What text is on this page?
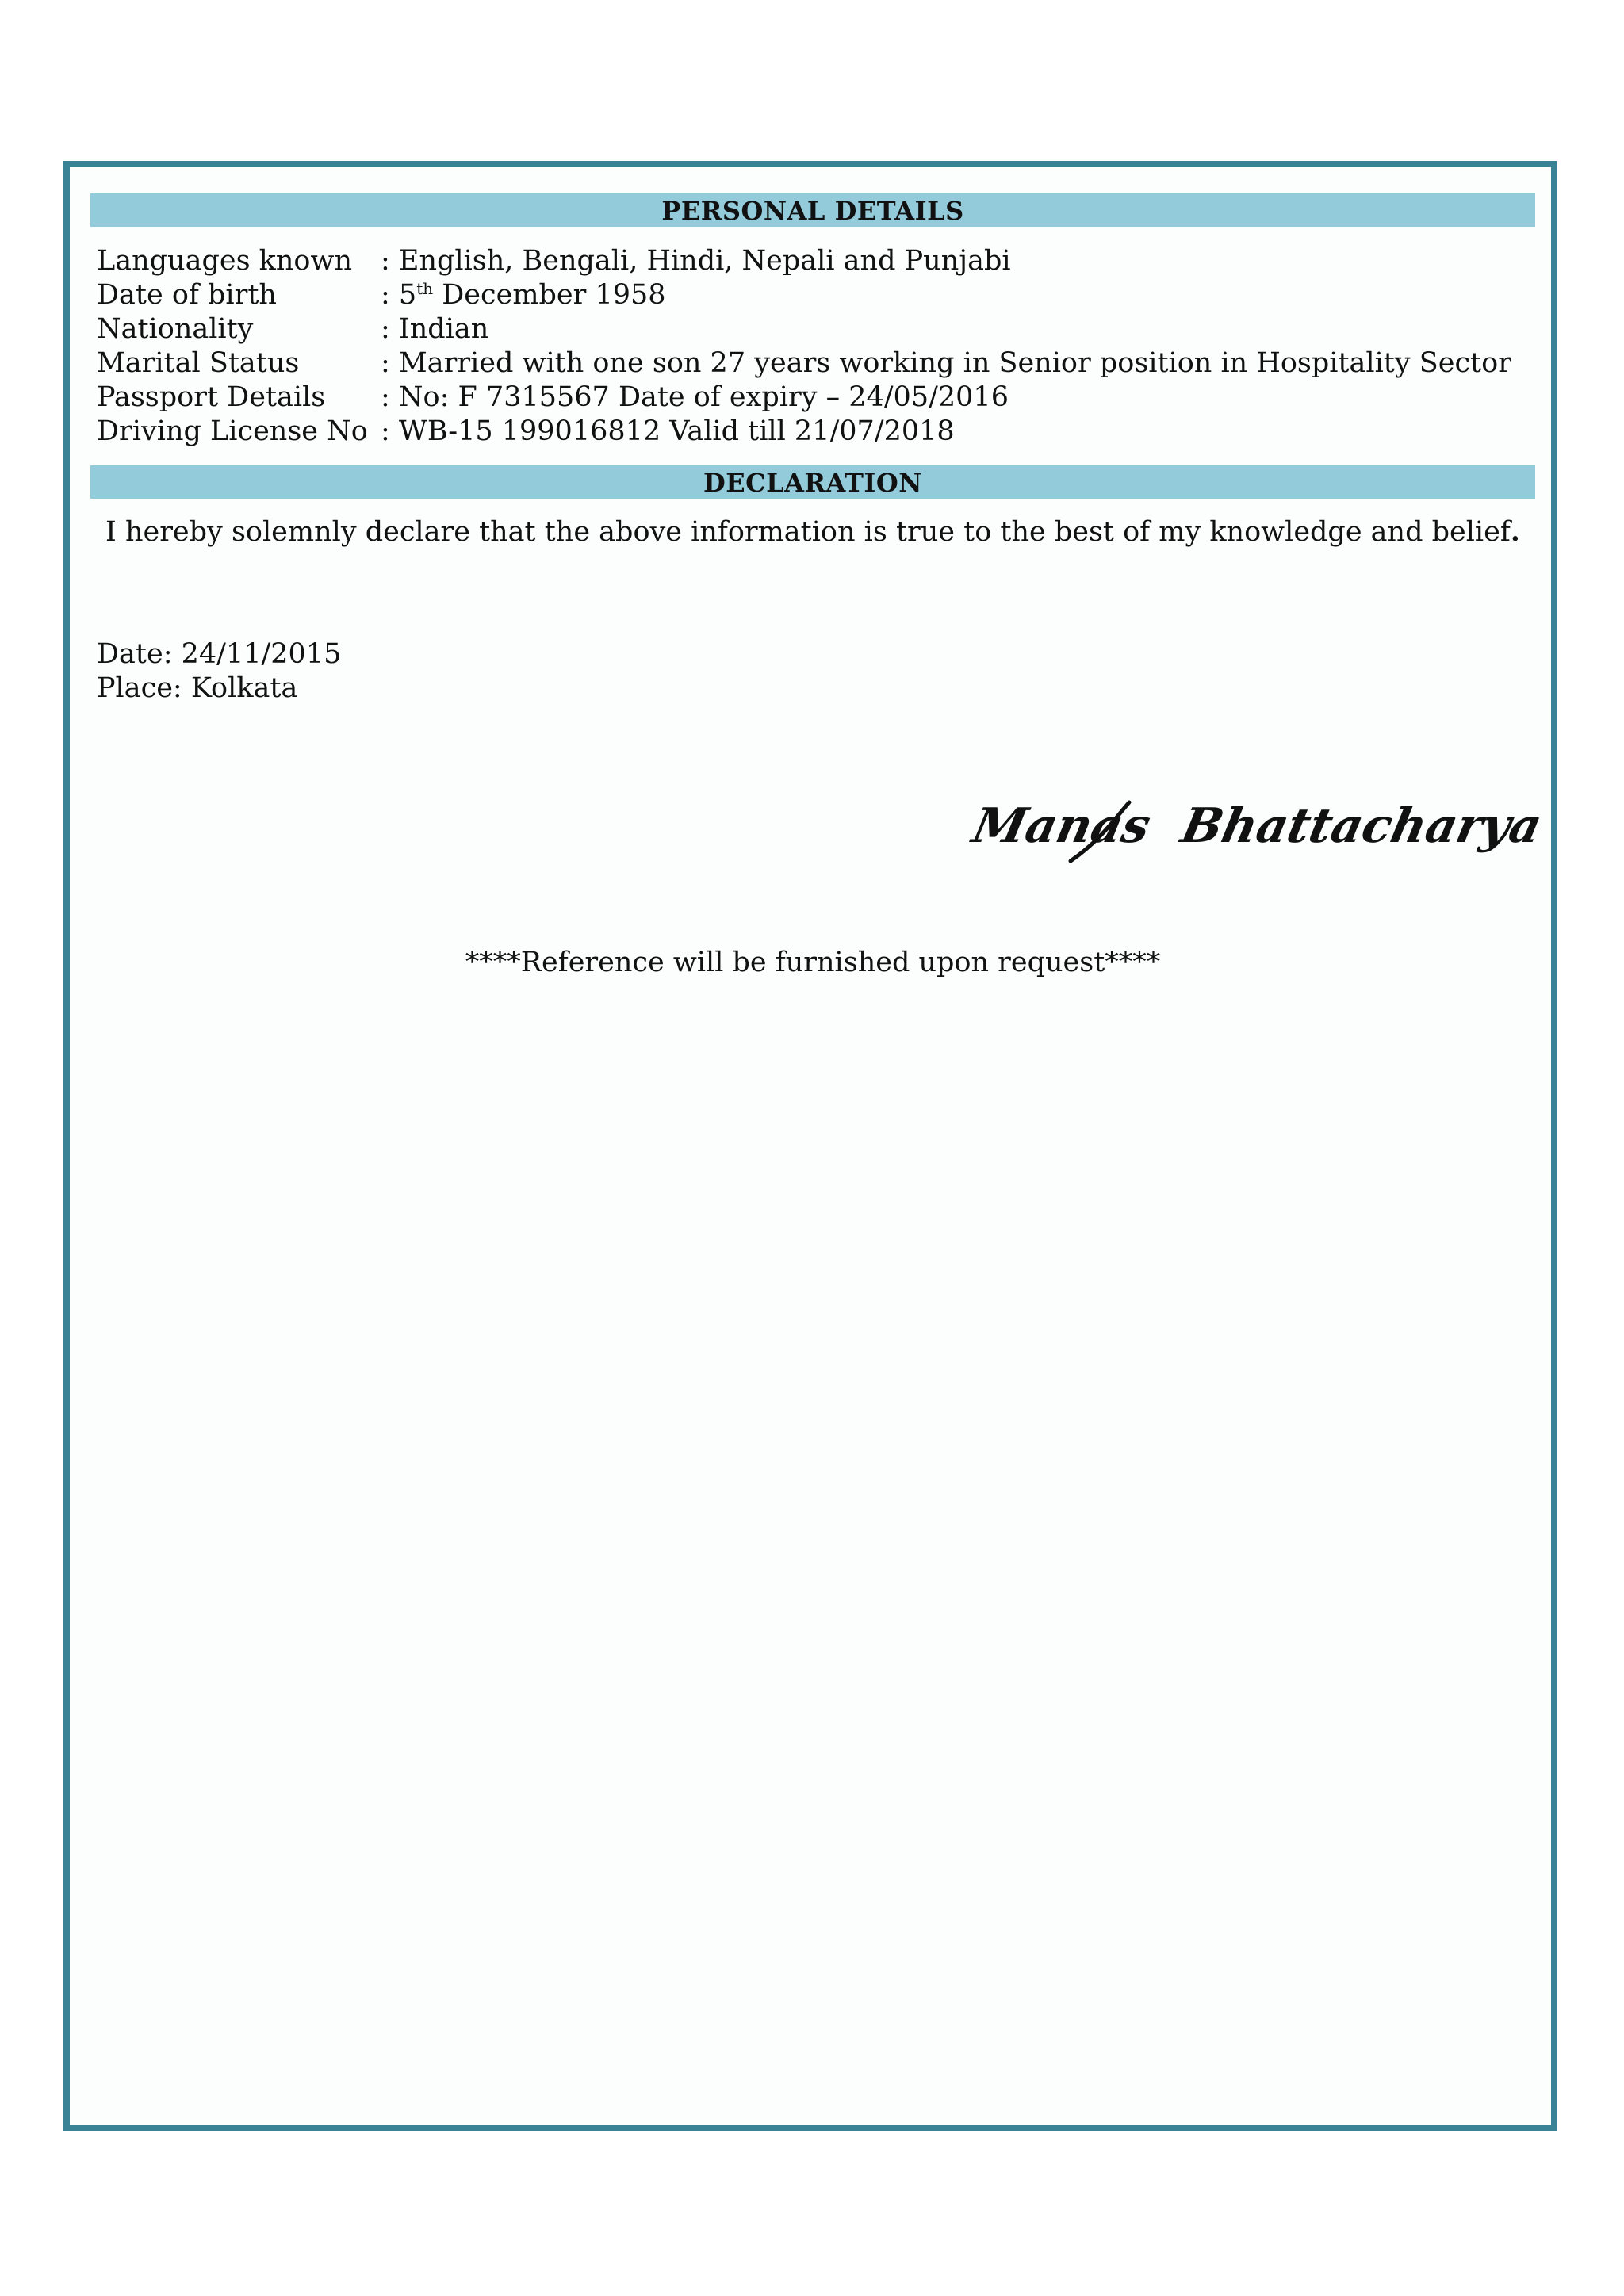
PERSONAL DETAILS
Languages known : English, Bengali, Hindi, Nepali and Punjabi
Date of birth	: 5th December 1958
Nationality	: Indian
Marital Status	: Married with one son 27 years working in Senior position in Hospitality Sector
Passport Details : No: F 7315567 Date of expiry – 24/05/2016
Driving License No : WB-15 199016812 Valid till 21/07/2018
DECLARATION
I hereby solemnly declare that the above information is true to the best of my knowledge and belief.
Date: 24/11/2015
Place: Kolkata
Manas  Bhattacharya
****Reference will be furnished upon request****
